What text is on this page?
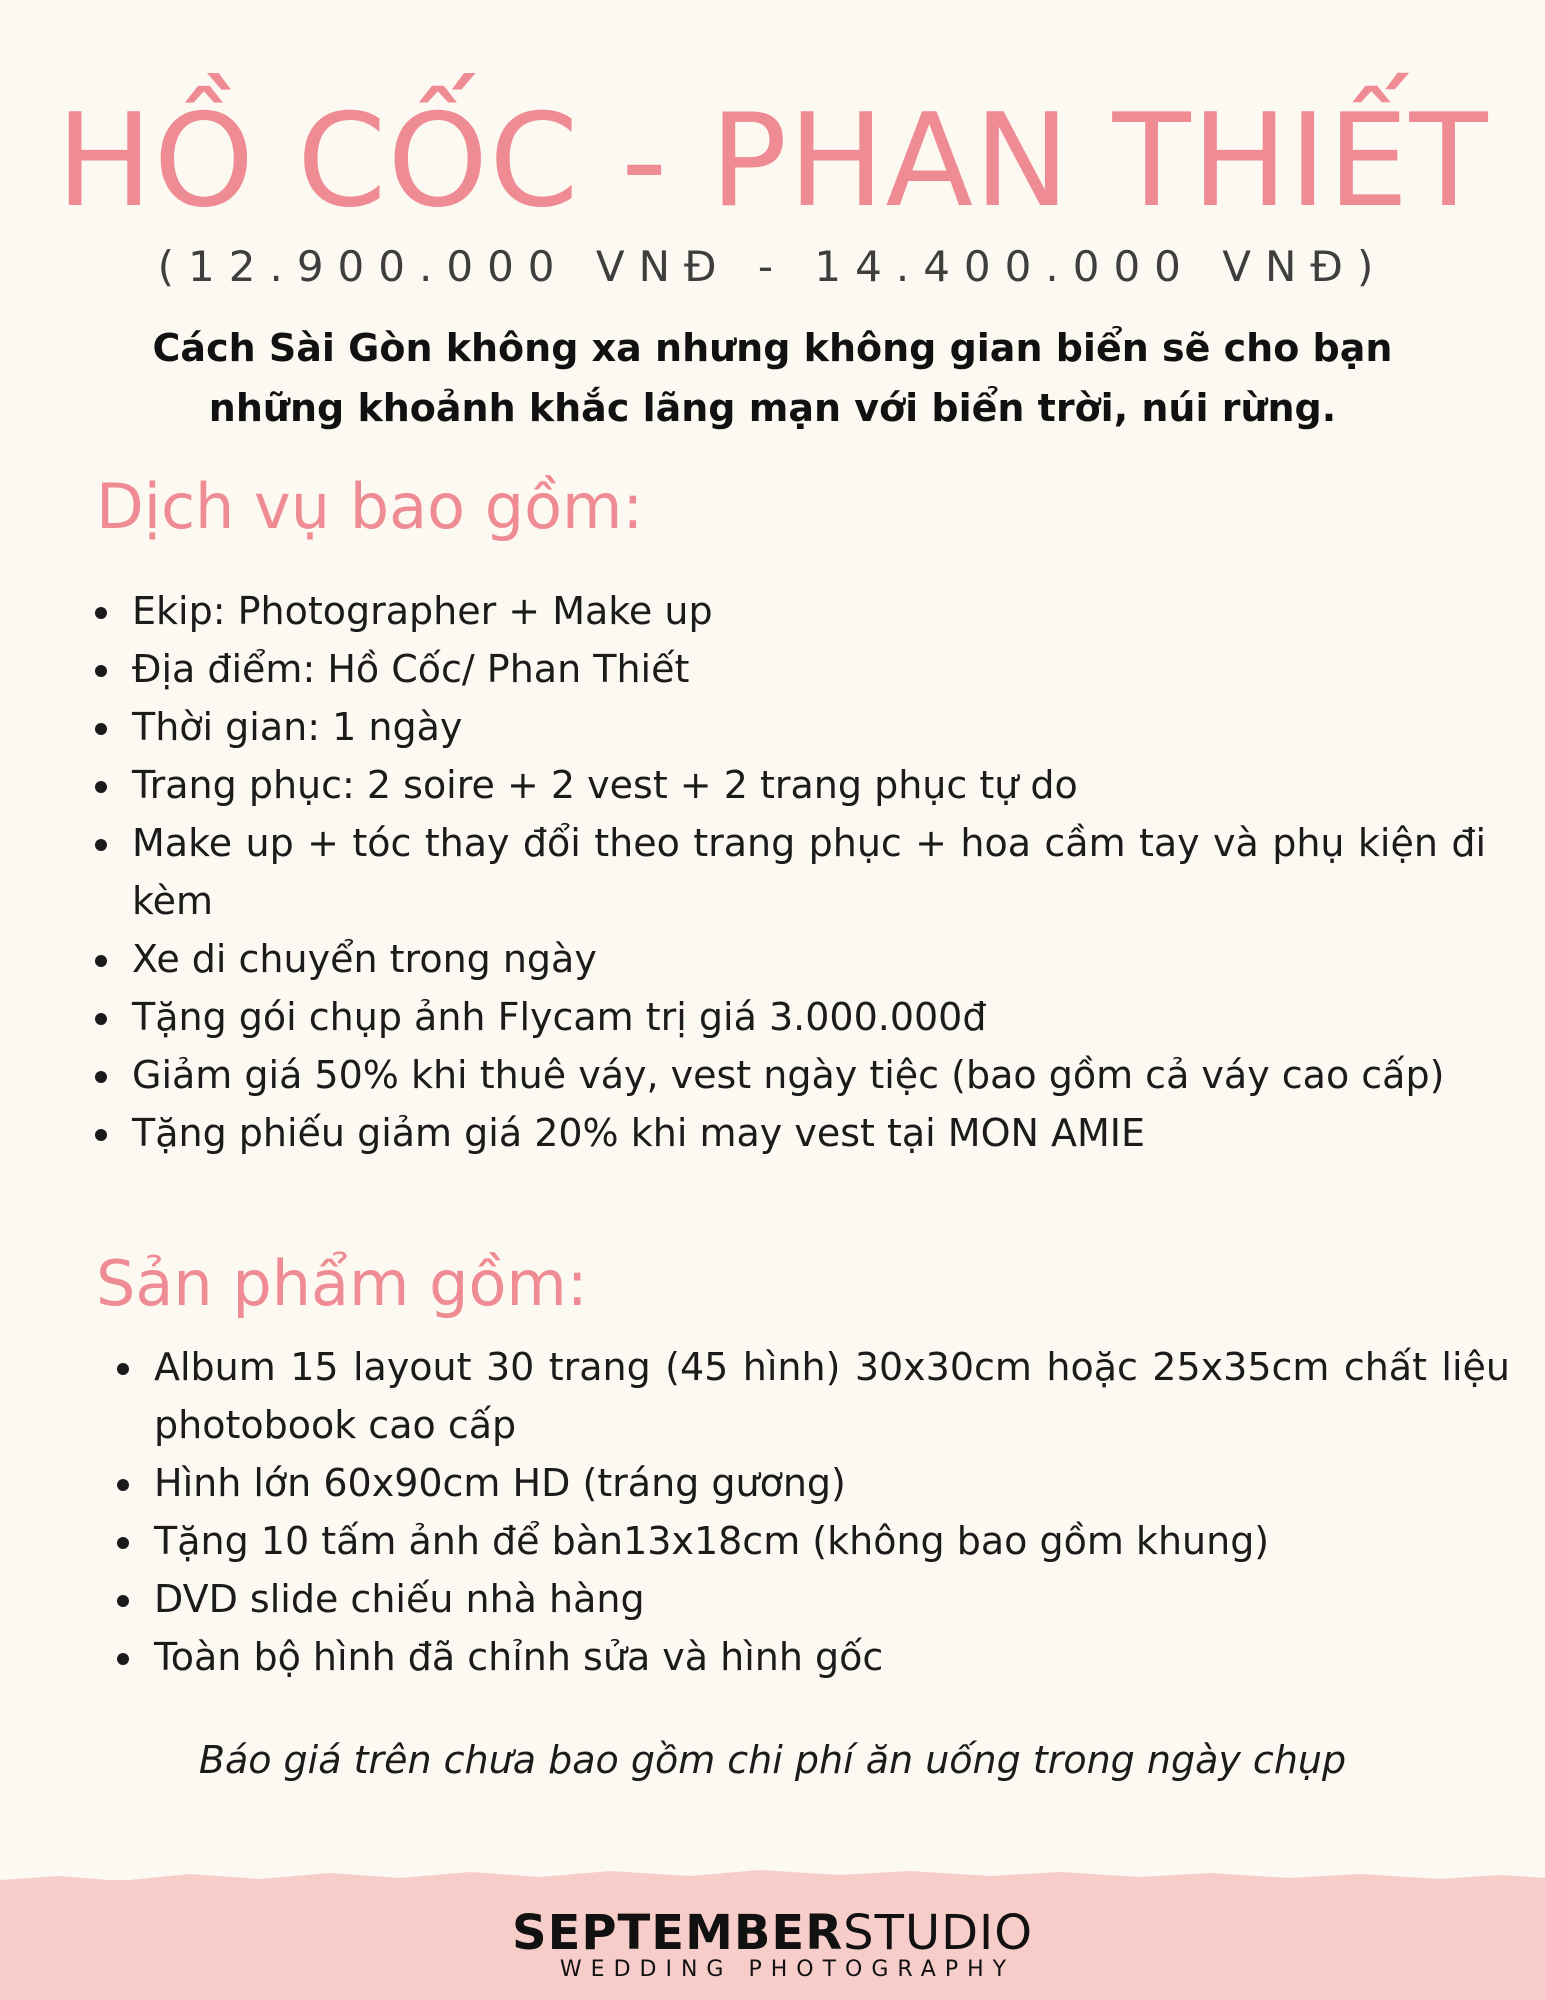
HỒ CỐC - PHAN THIẾT
(12.900.000 VNĐ - 14.400.000 VNĐ)
Cách Sài Gòn không xa nhưng không gian biển sẽ cho bạn
những khoảnh khắc lãng mạn với biển trời, núi rừng.
Dịch vụ bao gồm:
Ekip: Photographer + Make up
Địa điểm: Hồ Cốc/ Phan Thiết
Thời gian: 1 ngày
Trang phục: 2 soire + 2 vest + 2 trang phục tự do
Make up + tóc thay đổi theo trang phục + hoa cầm tay và phụ kiện đi kèm
Xe di chuyển trong ngày
Tặng gói chụp ảnh Flycam trị giá 3.000.000đ
Giảm giá 50% khi thuê váy, vest ngày tiệc (bao gồm cả váy cao cấp)
Tặng phiếu giảm giá 20% khi may vest tại MON AMIE
Sản phẩm gồm:
Album 15 layout 30 trang (45 hình) 30x30cm hoặc 25x35cm chất liệu photobook cao cấp
Hình lớn 60x90cm HD (tráng gương)
Tặng 10 tấm ảnh để bàn13x18cm (không bao gồm khung)
DVD slide chiếu nhà hàng
Toàn bộ hình đã chỉnh sửa và hình gốc
Báo giá trên chưa bao gồm chi phí ăn uống trong ngày chụp
SEPTEMBERSTUDIO
WEDDING PHOTOGRAPHY
